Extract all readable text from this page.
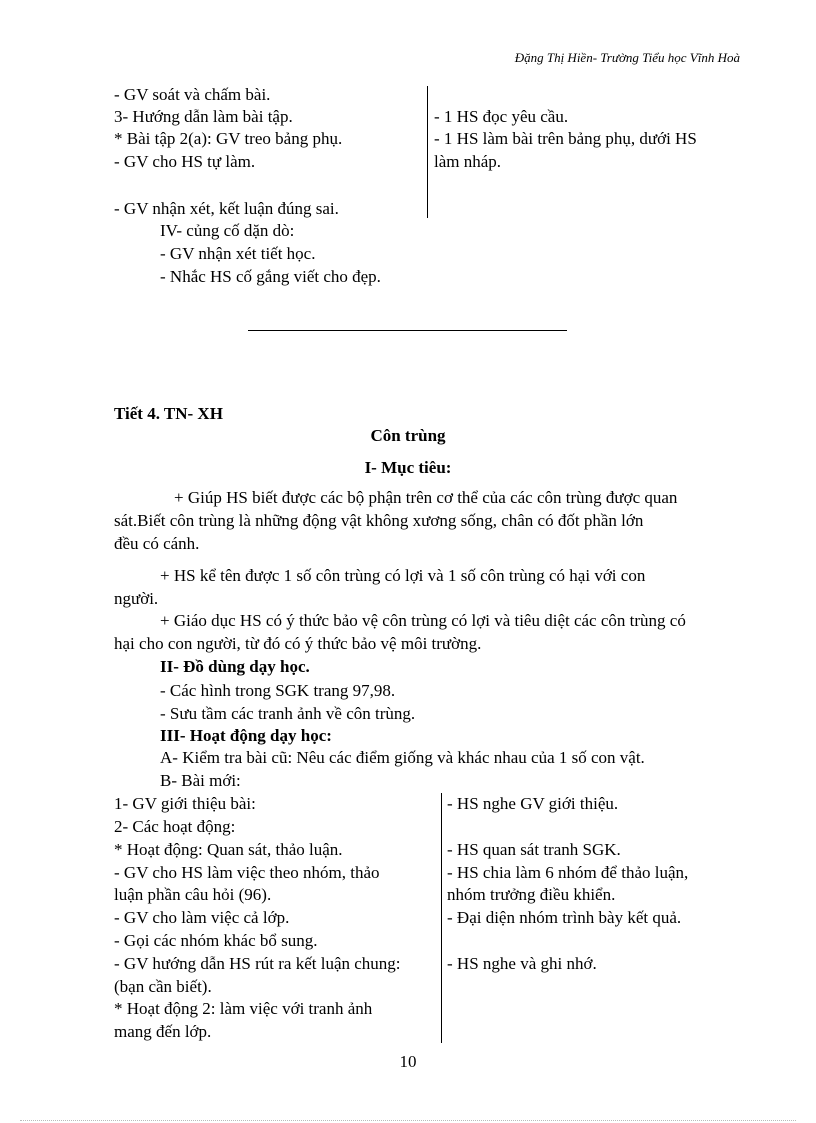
Đặng Thị Hiền- Trường Tiểu học Vĩnh Hoà
- GV soát và chấm bài.
3- Hướng dẫn làm bài tập.
* Bài tập 2(a): GV treo bảng phụ.
- GV cho HS tự làm.
- GV nhận xét, kết luận đúng sai.
- 1 HS đọc yêu cầu.
- 1 HS làm bài trên bảng phụ, dưới HS
làm nháp.
IV- củng cố dặn dò:
- GV nhận xét tiết học.
- Nhắc HS cố gắng viết cho đẹp.
Tiết 4. TN- XH
Côn trùng
I- Mục tiêu:
+ Giúp HS biết được các bộ phận trên cơ thể của các côn trùng được quan
sát.Biết côn trùng là những động vật không xương sống, chân có đốt phần lớn
đều có cánh.
+ HS kể tên được 1 số côn trùng có lợi và 1 số côn trùng có hại với con
người.
+ Giáo dục HS có ý thức bảo vệ côn trùng có lợi và tiêu diệt các côn trùng có
hại cho con người, từ đó có ý thức bảo vệ môi trường.
II- Đồ dùng dạy học.
- Các hình trong SGK trang 97,98.
- Sưu tầm các tranh ảnh về côn trùng.
III- Hoạt động dạy học:
A- Kiểm tra bài cũ: Nêu các điểm giống và khác nhau của 1 số con vật.
B- Bài mới:
1- GV giới thiệu bài:
2- Các hoạt động:
* Hoạt động: Quan sát, thảo luận.
- GV cho HS làm việc theo nhóm, thảo
luận phần câu hỏi (96).
- GV cho làm việc cả lớp.
- Gọi các nhóm khác bổ sung.
- GV hướng dẫn HS rút ra kết luận chung:
(bạn cần biết).
* Hoạt động 2: làm việc với tranh ảnh
mang đến lớp.
- HS nghe GV giới thiệu.
- HS quan sát tranh SGK.
- HS chia làm 6 nhóm để thảo luận,
nhóm trưởng điều khiển.
- Đại diện nhóm trình bày kết quả.
- HS nghe và ghi nhớ.
10
